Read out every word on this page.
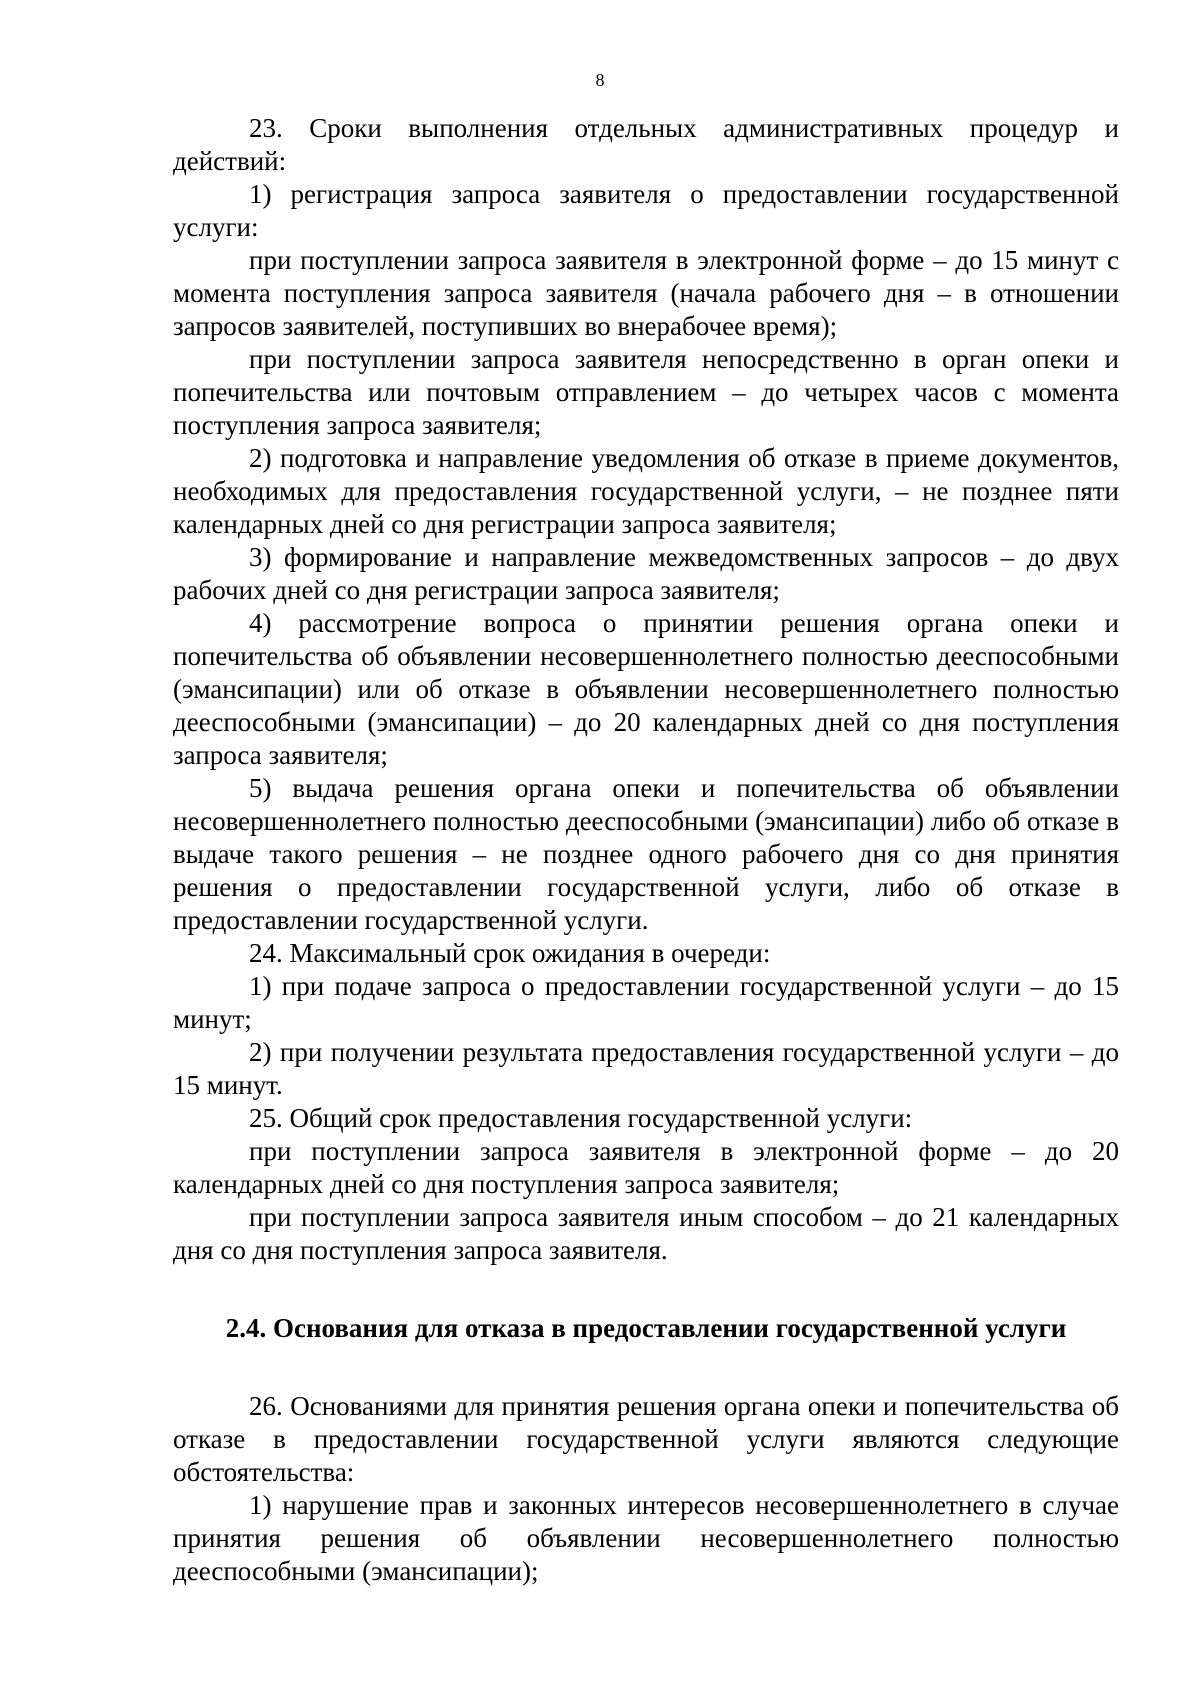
8

23. Сроки выполнения отдельных административных процедур и действий:

1) регистрация запроса заявителя о предоставлении государственной услуги:

при поступлении запроса заявителя в электронной форме – до 15 минут с момента поступления запроса заявителя (начала рабочего дня – в отношении запросов заявителей, поступивших во внерабочее время);

при поступлении запроса заявителя непосредственно в орган опеки и попечительства или почтовым отправлением – до четырех часов с момента поступления запроса заявителя;

2) подготовка и направление уведомления об отказе в приеме документов, необходимых для предоставления государственной услуги, – не позднее пяти календарных дней со дня регистрации запроса заявителя;

3) формирование и направление межведомственных запросов – до двух рабочих дней со дня регистрации запроса заявителя;

4) рассмотрение вопроса о принятии решения органа опеки и попечительства об объявлении несовершеннолетнего полностью дееспособными (эмансипации) или об отказе в объявлении несовершеннолетнего полностью дееспособными (эмансипации) – до 20 календарных дней со дня поступления запроса заявителя;

5) выдача решения органа опеки и попечительства об объявлении несовершеннолетнего полностью дееспособными (эмансипации) либо об отказе в выдаче такого решения – не позднее одного рабочего дня со дня принятия решения о предоставлении государственной услуги, либо об отказе в предоставлении государственной услуги.

24. Максимальный срок ожидания в очереди:

1) при подаче запроса о предоставлении государственной услуги – до 15 минут;

2) при получении результата предоставления государственной услуги – до 15 минут.

25. Общий срок предоставления государственной услуги:

при поступлении запроса заявителя в электронной форме – до 20 календарных дней со дня поступления запроса заявителя;

при поступлении запроса заявителя иным способом – до 21 календарных дня со дня поступления запроса заявителя.

2.4. Основания для отказа в предоставлении государственной услуги

26. Основаниями для принятия решения органа опеки и попечительства об отказе в предоставлении государственной услуги являются следующие обстоятельства:

1) нарушение прав и законных интересов несовершеннолетнего в случае принятия решения об объявлении несовершеннолетнего полностью дееспособными (эмансипации);
